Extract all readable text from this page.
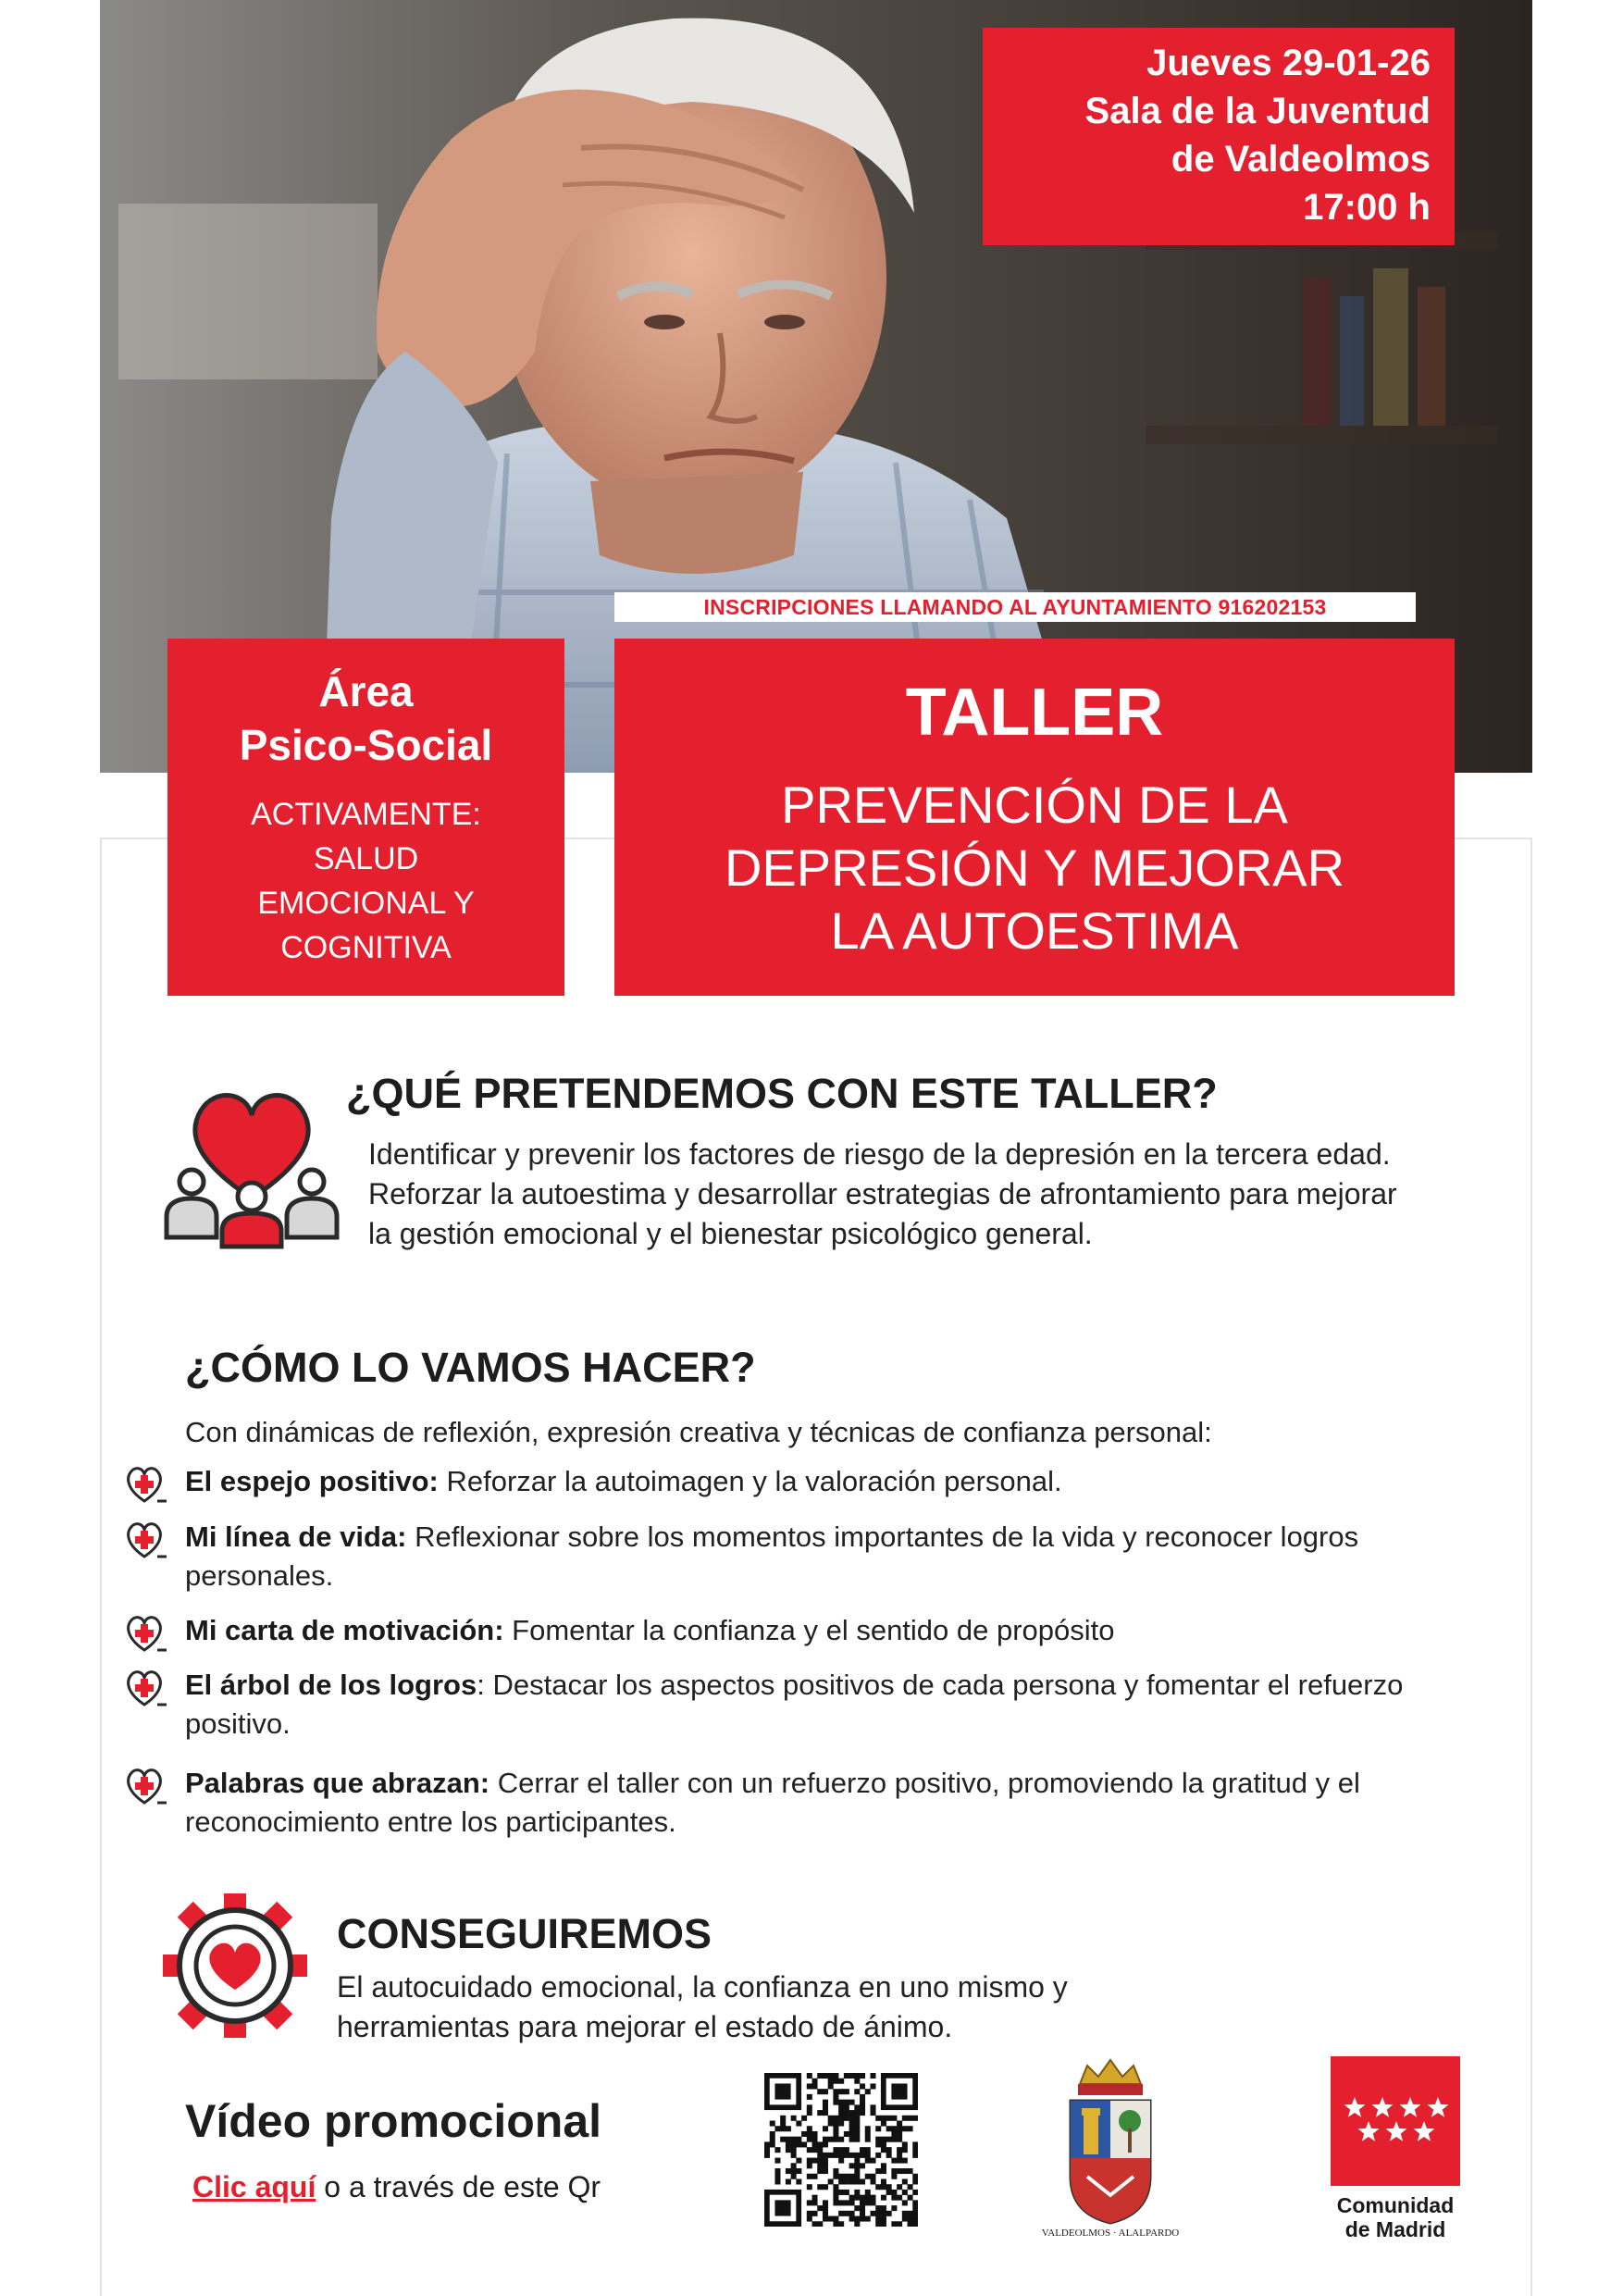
Jueves 29-01-26
Sala de la Juventud
de Valdeolmos
17:00 h
INSCRIPCIONES LLAMANDO AL AYUNTAMIENTO 916202153
Área
Psico-Social
ACTIVAMENTE:
SALUD
EMOCIONAL Y
COGNITIVA
TALLER
PREVENCIÓN DE LA
DEPRESIÓN Y MEJORAR
LA AUTOESTIMA
¿QUÉ PRETENDEMOS CON ESTE TALLER?
Identificar y prevenir los factores de riesgo de la depresión en la tercera edad. Reforzar la autoestima y desarrollar estrategias de afrontamiento para mejorar la gestión emocional y el bienestar psicológico general.
¿CÓMO LO VAMOS HACER?
Con dinámicas de reflexión, expresión creativa y técnicas de confianza personal:
El espejo positivo: Reforzar la autoimagen y la valoración personal.
Mi línea de vida: Reflexionar sobre los momentos importantes de la vida y reconocer logros personales.
Mi carta de motivación: Fomentar la confianza y el sentido de propósito
El árbol de los logros: Destacar los aspectos positivos de cada persona y fomentar el refuerzo positivo.
Palabras que abrazan: Cerrar el taller con un refuerzo positivo, promoviendo la gratitud y el reconocimiento entre los participantes.
CONSEGUIREMOS
El autocuidado emocional, la confianza en uno mismo y herramientas para mejorar el estado de ánimo.
Vídeo promocional
Clic aquí o a través de este Qr
VALDEOLMOS · ALALPARDO
Comunidad
de Madrid
